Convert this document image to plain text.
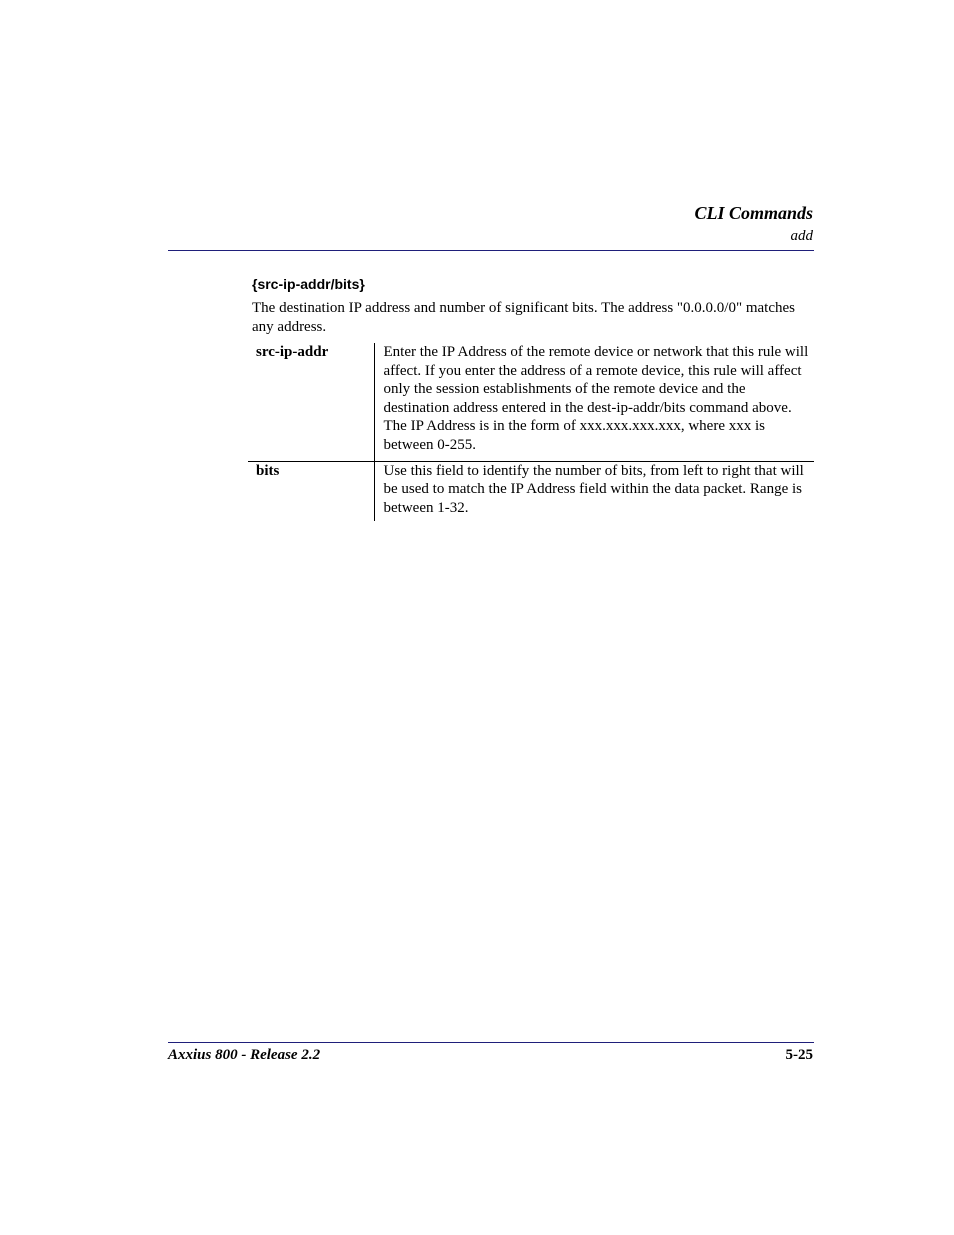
CLI Commands
add
{src-ip-addr/bits}
The destination IP address and number of significant bits. The address "0.0.0.0/0" matches any address.
src-ip-addr	Enter the IP Address of the remote device or network that this rule will affect. If you enter the address of a remote device, this rule will affect only the session establishments of the remote device and the destination address entered in the dest-ip-addr/bits command above. The IP Address is in the form of xxx.xxx.xxx.xxx, where xxx is between 0-255.
bits	Use this field to identify the number of bits, from left to right that will be used to match the IP Address field within the data packet. Range is between 1-32.
Axxius 800 - Release 2.2	5-25
